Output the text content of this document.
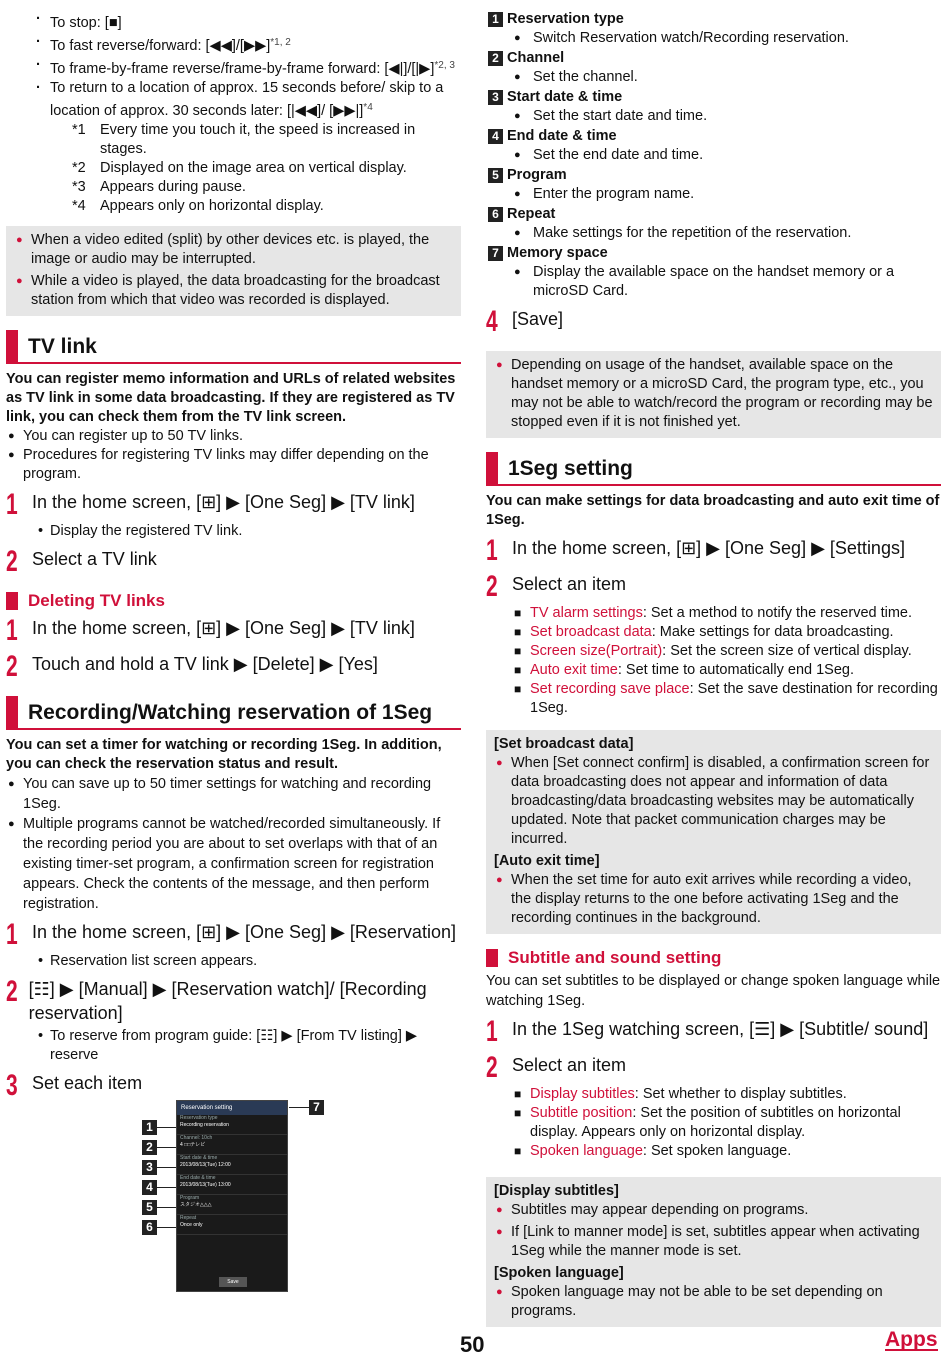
· To stop: [■]
· To fast reverse/forward: [◀◀]/[▶▶]$^{*1, 2}$
· To frame-by-frame reverse/frame-by-frame forward: [◀|]/[|▶]$^{*2, 3}$
· To return to a location of approx. 15 seconds before/ skip to a location of approx. 30 seconds later: [|◀◀]/ [▶▶|]$^{*4}$
*1 Every time you touch it, the speed is increased in stages.
*2 Displayed on the image area on vertical display.
*3 Appears during pause.
*4 Appears only on horizontal display.
● When a video edited (split) by other devices etc. is played, the image or audio may be interrupted.
● While a video is played, the data broadcasting for the broadcast station from which that video was recorded is displayed.
TV link
You can register memo information and URLs of related websites as TV link in some data broadcasting. If they are registered as TV link, you can check them from the TV link screen.
● You can register up to 50 TV links.
● Procedures for registering TV links may differ depending on the program.
1 In the home screen, [⊞] ▶ [One Seg] ▶ [TV link]
• Display the registered TV link.
2 Select a TV link
Deleting TV links
1 In the home screen, [⊞] ▶ [One Seg] ▶ [TV link]
2 Touch and hold a TV link ▶ [Delete] ▶ [Yes]
Recording/Watching reservation of 1Seg
You can set a timer for watching or recording 1Seg. In addition, you can check the reservation status and result.
● You can save up to 50 timer settings for watching and recording 1Seg.
● Multiple programs cannot be watched/recorded simultaneously. If the recording period you are about to set overlaps with that of an existing timer-set program, a confirmation screen for registration appears. Check the contents of the message, and then perform registration.
1 In the home screen, [⊞] ▶ [One Seg] ▶ [Reservation]
• Reservation list screen appears.
2 [☷] ▶ [Manual] ▶ [Reservation watch]/ [Recording reservation]
• To reserve from program guide: [☷] ▶ [From TV listing] ▶ reserve
3 Set each item
Reservation setting
Reservation type
Recording reservation
Channel: 10ch
4 □□テレビ
Start date & time
2013/08/13(Tue) 12:00
End date & time
2013/08/13(Tue) 13:00
Program
スタジオ△△△
Repeat
Once only
Save
1
2
3
4
5
6
7
1 Reservation type
● Switch Reservation watch/Recording reservation.
2 Channel
● Set the channel.
3 Start date & time
● Set the start date and time.
4 End date & time
● Set the end date and time.
5 Program
● Enter the program name.
6 Repeat
● Make settings for the repetition of the reservation.
7 Memory space
● Display the available space on the handset memory or a microSD Card.
4 [Save]
● Depending on usage of the handset, available space on the handset memory or a microSD Card, the program type, etc., you may not be able to watch/record the program or recording may be stopped even if it is not finished yet.
1Seg setting
You can make settings for data broadcasting and auto exit time of 1Seg.
1 In the home screen, [⊞] ▶ [One Seg] ▶ [Settings]
2 Select an item
■ TV alarm settings: Set a method to notify the reserved time.
■ Set broadcast data: Make settings for data broadcasting.
■ Screen size(Portrait): Set the screen size of vertical display.
■ Auto exit time: Set time to automatically end 1Seg.
■ Set recording save place: Set the save destination for recording 1Seg.
[Set broadcast data]
● When [Set connect confirm] is disabled, a confirmation screen for data broadcasting does not appear and information of data broadcasting/data broadcasting websites may be automatically updated. Note that packet communication charges may be incurred.
[Auto exit time]
● When the set time for auto exit arrives while recording a video, the display returns to the one before activating 1Seg and the recording continues in the background.
Subtitle and sound setting
You can set subtitles to be displayed or change spoken language while watching 1Seg.
1 In the 1Seg watching screen, [☰] ▶ [Subtitle/ sound]
2 Select an item
■ Display subtitles: Set whether to display subtitles.
■ Subtitle position: Set the position of subtitles on horizontal display. Appears only on horizontal display.
■ Spoken language: Set spoken language.
[Display subtitles]
● Subtitles may appear depending on programs.
● If [Link to manner mode] is set, subtitles appear when activating 1Seg while the manner mode is set.
[Spoken language]
● Spoken language may not be able to be set depending on programs.
50	Apps
